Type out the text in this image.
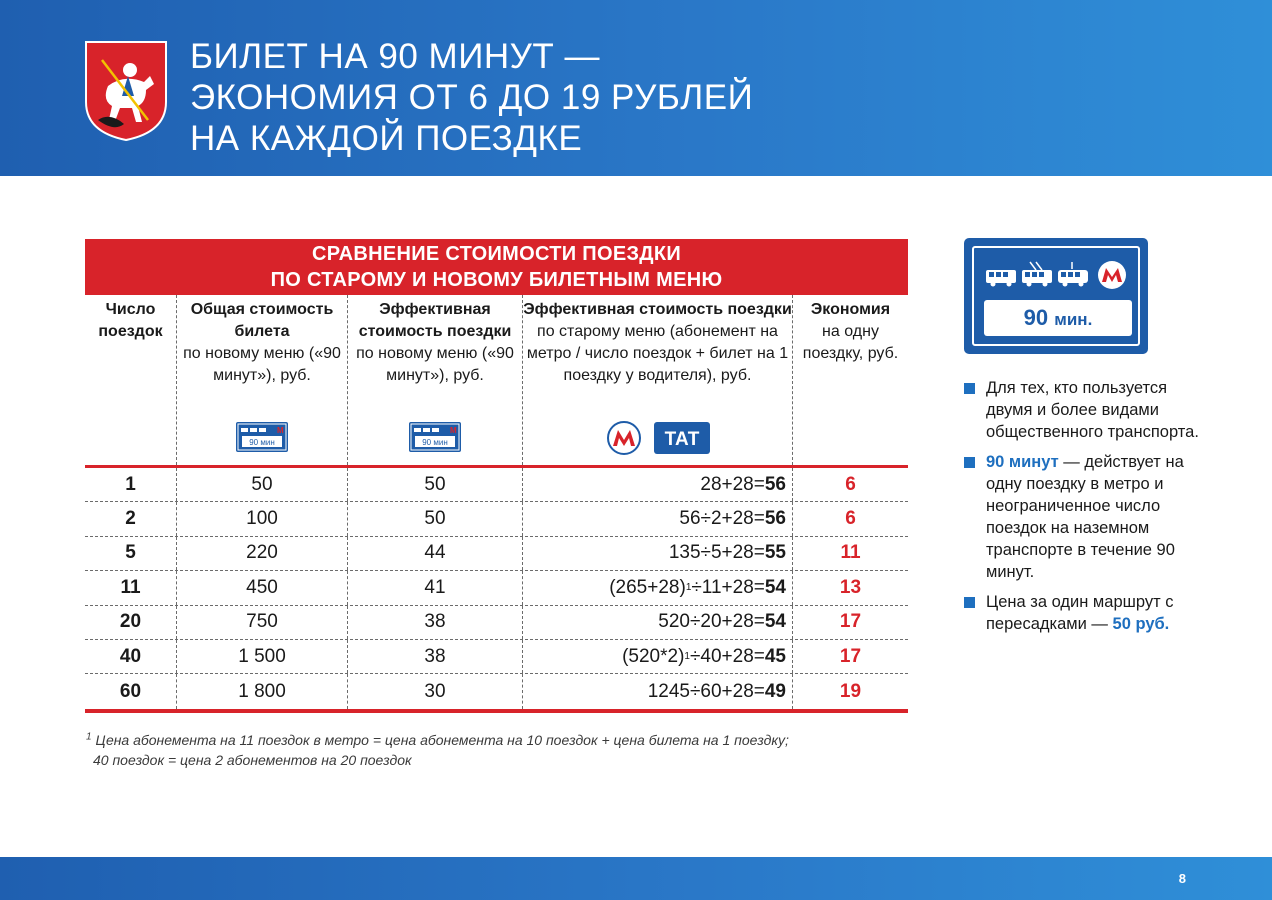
БИЛЕТ НА 90 МИНУТ —
ЭКОНОМИЯ ОТ 6 ДО 19 РУБЛЕЙ
НА КАЖДОЙ ПОЕЗДКЕ
СРАВНЕНИЕ СТОИМОСТИ ПОЕЗДКИ
ПО СТАРОМУ И НОВОМУ БИЛЕТНЫМ МЕНЮ
Число поездок
Общая стоимость билета
по новому меню («90 минут»), руб.
M
90 мин
Эффективная стоимость поездки
по новому меню («90 минут»), руб.
M
90 мин
Эффективная стоимость поездки по старому меню (абонемент на метро / число поездок + билет на 1 поездку у водителя), руб.
ТАТ
Экономия
на одну поездку, руб.
1	50	50	28+28= 56	6
2	100	50	56÷2+28= 56	6
5	220	44	135÷5+28= 55	11
11	450	41	(265+28) 1 ÷11+28= 54	13
20	750	38	520÷20+28= 54	17
40	1 500	38	(520*2) 1 ÷40+28= 45	17
60	1 800	30	1245÷60+28= 49	19
$^1$ Цена абонемента на 11 поездок в метро = цена абонемента на 10 поездок + цена билета на 1 поездку;
40 поездок = цена 2 абонементов на 20 поездок
90 мин.
Для тех, кто пользуется двумя и более видами общественного транспорта.
90 минут — действует на одну поездку в метро и неограниченное число поездок на наземном транспорте в течение 90 минут.
Цена за один маршрут с пересадками — 50 руб.
8
